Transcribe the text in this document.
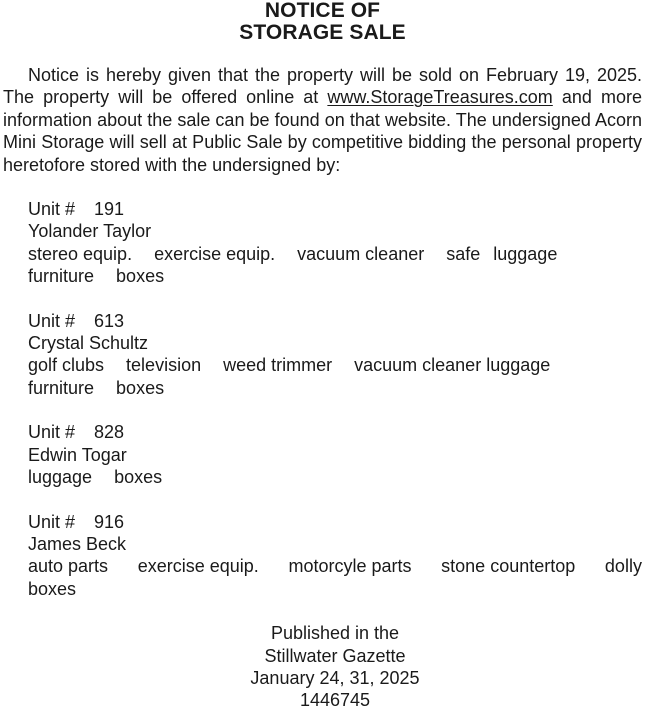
NOTICE OF
STORAGE SALE

Notice is hereby given that the property will be sold on February 19, 2025. The property will be offered online at www.StorageTreasures.com and more information about the sale can be found on that website. The undersigned Acorn Mini Storage will sell at Public Sale by competitive bidding the personal property heretofore stored with the undersigned by:

Unit # 191
Yolander Taylor
stereo equip. exercise equip. vacuum cleaner safe luggage
furniture boxes
Unit # 613
Crystal Schultz
golf clubs television weed trimmer vacuum cleaner luggage
furniture boxes
Unit # 828
Edwin Togar
luggage boxes
Unit # 916
James Beck
auto parts exercise equip. motorcyle parts stone countertop dolly
boxes
Published in the
Stillwater Gazette
January 24, 31, 2025
1446745
